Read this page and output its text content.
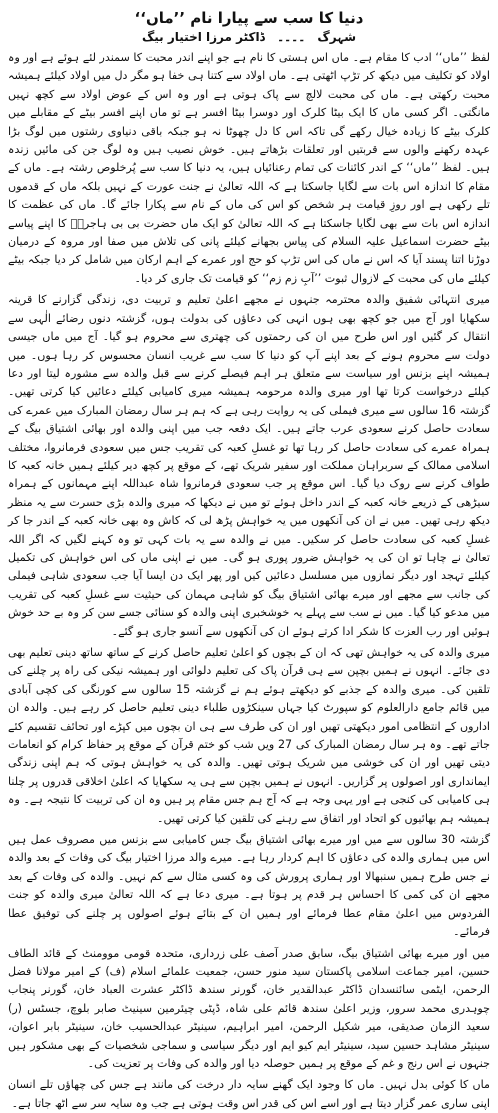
دنیا کا سب سے پیارا نام ’’ماں‘‘
شہرگ ۔۔۔۔ ڈاکٹر مرزا اختیار بیگ

لفظ ’’ماں‘‘ ادب کا مقام ہے۔ ماں اس ہستی کا نام ہے جو اپنے اندر محبت کا سمندر لئے ہوئے ہے اور وہ اولاد کو تکلیف میں دیکھ کر تڑپ اٹھتی ہے۔ ماں اولاد سے کتنا ہی خفا ہو مگر دل میں اولاد کیلئے ہمیشہ محبت رکھتی ہے۔ ماں کی محبت لالچ سے پاک ہوتی ہے اور وہ اس کے عوض اولاد سے کچھ نہیں مانگتی۔ اگر کسی ماں کا ایک بیٹا کلرک اور دوسرا بیٹا افسر ہے تو ماں اپنے افسر بیٹے کے مقابلے میں کلرک بیٹے کا زیادہ خیال رکھے گی تاکہ اس کا دل چھوٹا نہ ہو جبکہ باقی دنیاوی رشتوں میں لوگ بڑا عہدہ رکھنے والوں سے قربتیں اور تعلقات بڑھاتے ہیں۔ خوش نصیب ہیں وہ لوگ جن کی مائیں زندہ ہیں۔ لفظ ’’ماں‘‘ کے اندر کائنات کی تمام رعنائیاں ہیں، یہ دنیا کا سب سے پُرخلوص رشتہ ہے۔ ماں کے مقام کا اندازہ اس بات سے لگایا جاسکتا ہے کہ اللہ تعالیٰ نے جنت عورت کے نہیں بلکہ ماں کے قدموں تلے رکھی ہے اور روزِ قیامت ہر شخص کو اس کی ماں کے نام سے پکارا جائے گا۔ ماں کی عظمت کا اندازہ اس بات سے بھی لگایا جاسکتا ہے کہ اللہ تعالیٰ کو ایک ماں حضرت بی بی ہاجرہؓ کا اپنے پیاسے بیٹے حضرت اسماعیل علیہ السلام کی پیاس بجھانے کیلئے پانی کی تلاش میں صفا اور مروہ کے درمیان دوڑنا اتنا پسند آیا کہ اس نے ماں کی اس تڑپ کو حج اور عمرے کے اہم ارکان میں شامل کر دیا جبکہ بیٹے کیلئے ماں کی محبت کے لازوال ثبوت ’’آبِ زم زم‘‘ کو قیامت تک جاری کر دیا۔

میری انتہائی شفیق والدہ محترمہ جنہوں نے مجھے اعلیٰ تعلیم و تربیت دی، زندگی گزارنے کا قرینہ سکھایا اور آج میں جو کچھ بھی ہوں انہی کی دعاؤں کی بدولت ہوں، گزشتہ دنوں رضائے الٰہی سے انتقال کر گئیں اور اس طرح میں ان کی رحمتوں کی چھتری سے محروم ہو گیا۔ آج میں ماں جیسی دولت سے محروم ہونے کے بعد اپنے آپ کو دنیا کا سب سے غریب انسان محسوس کر رہا ہوں۔ میں ہمیشہ اپنے بزنس اور سیاست سے متعلق ہر اہم فیصلے کرنے سے قبل والدہ سے مشورہ لیتا اور دعا کیلئے درخواست کرتا تھا اور میری والدہ مرحومہ ہمیشہ میری کامیابی کیلئے دعائیں کیا کرتی تھیں۔ گزشتہ 16 سالوں سے میری فیملی کی یہ روایت رہی ہے کہ ہم ہر سال رمضان المبارک میں عمرے کی سعادت حاصل کرنے سعودی عرب جاتے ہیں۔ ایک دفعہ جب میں اپنی والدہ اور بھائی اشتیاق بیگ کے ہمراہ عمرے کی سعادت حاصل کر رہا تھا تو غسلِ کعبہ کی تقریب جس میں سعودی فرمانروا، مختلف اسلامی ممالک کے سربراہان مملکت اور سفیر شریک تھے، کے موقع پر کچھ دیر کیلئے ہمیں خانہ کعبہ کا طواف کرنے سے روک دیا گیا۔ اس موقع پر جب سعودی فرمانروا شاہ عبداللہ اپنے مہمانوں کے ہمراہ سیڑھی کے ذریعے خانہ کعبہ کے اندر داخل ہوئے تو میں نے دیکھا کہ میری والدہ بڑی حسرت سے یہ منظر دیکھ رہی تھیں۔ میں نے ان کی آنکھوں میں یہ خواہش پڑھ لی کہ کاش وہ بھی خانہ کعبہ کے اندر جا کر غسلِ کعبہ کی سعادت حاصل کر سکیں۔ میں نے والدہ سے یہ بات کہی تو وہ کہنے لگیں کہ اگر اللہ تعالیٰ نے چاہا تو ان کی یہ خواہش ضرور پوری ہو گی۔ میں نے اپنی ماں کی اس خواہش کی تکمیل کیلئے تہجد اور دیگر نمازوں میں مسلسل دعائیں کیں اور پھر ایک دن ایسا آیا جب سعودی شاہی فیملی کی جانب سے مجھے اور میرے بھائی اشتیاق بیگ کو شاہی مہمان کی حیثیت سے غسلِ کعبہ کی تقریب میں مدعو کیا گیا۔ میں نے سب سے پہلے یہ خوشخبری اپنی والدہ کو سنائی جسے سن کر وہ بے حد خوش ہوئیں اور رب العزت کا شکر ادا کرتے ہوئے ان کی آنکھوں سے آنسو جاری ہو گئے۔

میری والدہ کی یہ خواہش تھی کہ ان کے بچوں کو اعلیٰ تعلیم حاصل کرنے کے ساتھ ساتھ دینی تعلیم بھی دی جائے۔ انہوں نے ہمیں بچپن سے ہی قرآن پاک کی تعلیم دلوائی اور ہمیشہ نیکی کی راہ پر چلنے کی تلقین کی۔ میری والدہ کے جذبے کو دیکھتے ہوئے ہم نے گزشتہ 15 سالوں سے کورنگی کی کچی آبادی میں قائم جامع دارالعلوم کو سپورٹ کیا جہاں سینکڑوں طلباء دینی تعلیم حاصل کر رہے ہیں۔ والدہ ان اداروں کے انتظامی امور دیکھتی تھیں اور ان کی طرف سے ہی ان بچوں میں کپڑے اور تحائف تقسیم کئے جاتے تھے۔ وہ ہر سال رمضان المبارک کی 27 ویں شب کو ختم قرآن کے موقع پر حفاظ کرام کو انعامات دیتی تھیں اور ان کی خوشی میں شریک ہوتی تھیں۔ والدہ کی یہ خواہش ہوتی کہ ہم اپنی زندگی ایمانداری اور اصولوں پر گزاریں۔ انہوں نے ہمیں بچپن سے ہی یہ سکھایا کہ اعلیٰ اخلاقی قدروں پر چلنا ہی کامیابی کی کنجی ہے اور یہی وجہ ہے کہ آج ہم جس مقام پر ہیں وہ ان کی تربیت کا نتیجہ ہے۔ وہ ہمیشہ ہم بھائیوں کو اتحاد اور اتفاق سے رہنے کی تلقین کیا کرتی تھیں۔

گزشتہ 30 سالوں سے میں اور میرے بھائی اشتیاق بیگ جس کامیابی سے بزنس میں مصروف عمل ہیں اس میں ہماری والدہ کی دعاؤں کا اہم کردار رہا ہے۔ میرے والد مرزا اختیار بیگ کی وفات کے بعد والدہ نے جس طرح ہمیں سنبھالا اور ہماری پرورش کی وہ کسی مثال سے کم نہیں۔ والدہ کی وفات کے بعد مجھے ان کی کمی کا احساس ہر قدم پر ہوتا ہے۔ میری دعا ہے کہ اللہ تعالیٰ میری والدہ کو جنت الفردوس میں اعلیٰ مقام عطا فرمائے اور ہمیں ان کے بتائے ہوئے اصولوں پر چلنے کی توفیق عطا فرمائے۔

میں اور میرے بھائی اشتیاق بیگ، سابق صدر آصف علی زرداری، متحدہ قومی موومنٹ کے قائد الطاف حسین، امیر جماعت اسلامی پاکستان سید منور حسن، جمعیت علمائے اسلام (ف) کے امیر مولانا فضل الرحمن، ایٹمی سائنسدان ڈاکٹر عبدالقدیر خان، گورنر سندھ ڈاکٹر عشرت العباد خان، گورنر پنجاب چوہدری محمد سرور، وزیر اعلیٰ سندھ قائم علی شاہ، ڈپٹی چیئرمین سینیٹ صابر بلوچ، جسٹس (ر) سعید الزمان صدیقی، میر شکیل الرحمن، امیر ابراہیم، سینیٹر عبدالحسیب خان، سینیٹر بابر اعوان، سینیٹر مشاہد حسین سید، سینیٹر ایم کیو ایم اور دیگر سیاسی و سماجی شخصیات کے بھی مشکور ہیں جنہوں نے اس رنج و غم کے موقع پر ہمیں حوصلہ دیا اور والدہ کی وفات پر تعزیت کی۔

ماں کا کوئی بدل نہیں۔ ماں کا وجود ایک گھنے سایہ دار درخت کی مانند ہے جس کی چھاؤں تلے انسان اپنی ساری عمر گزار دیتا ہے اور اسے اس کی قدر اس وقت ہوتی ہے جب وہ سایہ سر سے اٹھ جاتا ہے۔
